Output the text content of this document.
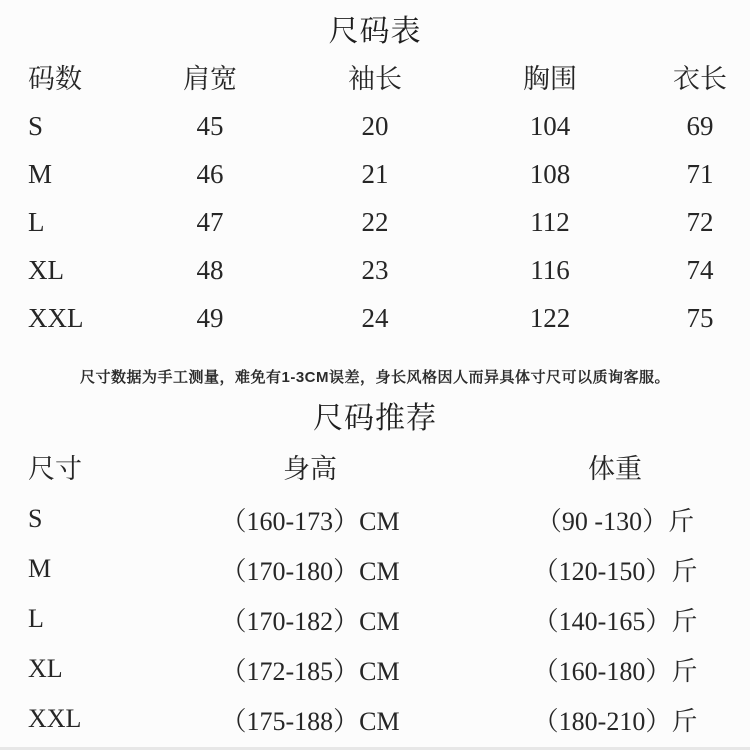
尺码表
码数	肩宽	袖长	胸围	衣长
S	45	20	104	69
M	46	21	108	71
L	47	22	112	72
XL	48	23	116	74
XXL	49	24	122	75
尺寸数据为手工测量，难免有1-3CM误差，身长风格因人而异具体寸尺可以质询客服。
尺码推荐
尺寸	身高	体重
S	（160-173）CM	（90 -130）斤
M	（170-180）CM	（120-150）斤
L	（170-182）CM	（140-165）斤
XL	（172-185）CM	（160-180）斤
XXL	（175-188）CM	（180-210）斤
